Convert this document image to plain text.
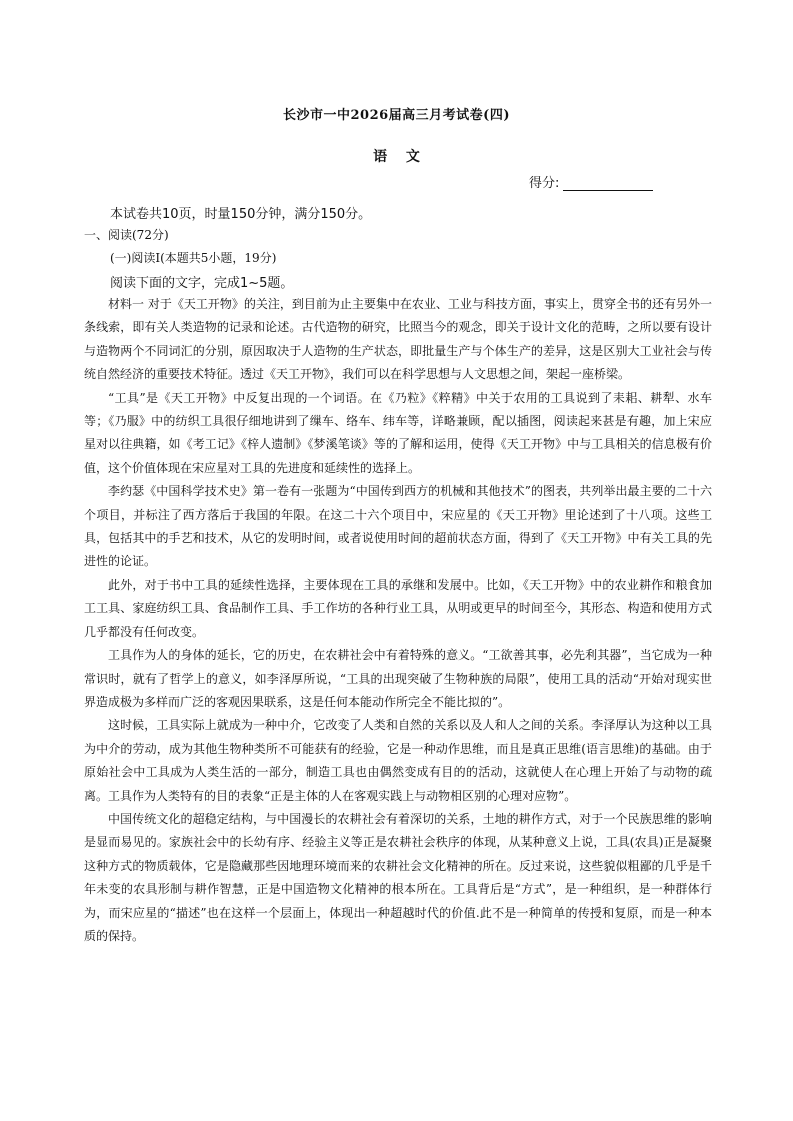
长沙市一中2026届高三月考试卷(四)
语 文
得分:
本试卷共10页，时量150分钟，满分150分。
一、阅读(72分)
(一)阅读Ⅰ(本题共5小题，19分)
阅读下面的文字，完成1~5题。

材料一 对于《天工开物》的关注，到目前为止主要集中在农业、工业与科技方面，事实上，贯穿全书的还有另外一条线索，即有关人类造物的记录和论述。古代造物的研究，比照当今的观念，即关于设计文化的范畴，之所以要有设计与造物两个不同词汇的分别，原因取决于人造物的生产状态，即批量生产与个体生产的差异，这是区别大工业社会与传统自然经济的重要技术特征。透过《天工开物》，我们可以在科学思想与人文思想之间，架起一座桥梁。

“工具”是《天工开物》中反复出现的一个词语。在《乃粒》《粹精》中关于农用的工具说到了耒耜、耕犁、水车等；《乃服》中的纺织工具很仔细地讲到了缫车、络车、纬车等，详略兼顾，配以插图，阅读起来甚是有趣，加上宋应星对以往典籍，如《考工记》《梓人遗制》《梦溪笔谈》等的了解和运用，使得《天工开物》中与工具相关的信息极有价值，这个价值体现在宋应星对工具的先进度和延续性的选择上。

李约瑟《中国科学技术史》第一卷有一张题为“中国传到西方的机械和其他技术”的图表，共列举出最主要的二十六个项目，并标注了西方落后于我国的年限。在这二十六个项目中，宋应星的《天工开物》里论述到了十八项。这些工具，包括其中的手艺和技术，从它的发明时间，或者说使用时间的超前状态方面，得到了《天工开物》中有关工具的先进性的论证。

此外，对于书中工具的延续性选择，主要体现在工具的承继和发展中。比如，《天工开物》中的农业耕作和粮食加工工具、家庭纺织工具、食品制作工具、手工作坊的各种行业工具，从明或更早的时间至今，其形态、构造和使用方式几乎都没有任何改变。

工具作为人的身体的延长，它的历史，在农耕社会中有着特殊的意义。“工欲善其事，必先利其器”，当它成为一种常识时，就有了哲学上的意义，如李泽厚所说，“工具的出现突破了生物种族的局限”，使用工具的活动“开始对现实世界造成极为多样而广泛的客观因果联系，这是任何本能动作所完全不能比拟的”。

这时候，工具实际上就成为一种中介，它改变了人类和自然的关系以及人和人之间的关系。李泽厚认为这种以工具为中介的劳动，成为其他生物种类所不可能获有的经验，它是一种动作思维，而且是真正思维(语言思维)的基础。由于原始社会中工具成为人类生活的一部分，制造工具也由偶然变成有目的的活动，这就使人在心理上开始了与动物的疏离。工具作为人类特有的目的表象“正是主体的人在客观实践上与动物相区别的心理对应物”。

中国传统文化的超稳定结构，与中国漫长的农耕社会有着深切的关系，土地的耕作方式，对于一个民族思维的影响是显而易见的。家族社会中的长幼有序、经验主义等正是农耕社会秩序的体现，从某种意义上说，工具(农具)正是凝聚这种方式的物质载体，它是隐藏那些因地理环境而来的农耕社会文化精神的所在。反过来说，这些貌似粗鄙的几乎是千年未变的农具形制与耕作智慧，正是中国造物文化精神的根本所在。工具背后是“方式”，是一种组织，是一种群体行为，而宋应星的“描述”也在这样一个层面上，体现出一种超越时代的价值.此不是一种简单的传授和复原，而是一种本质的保持。
